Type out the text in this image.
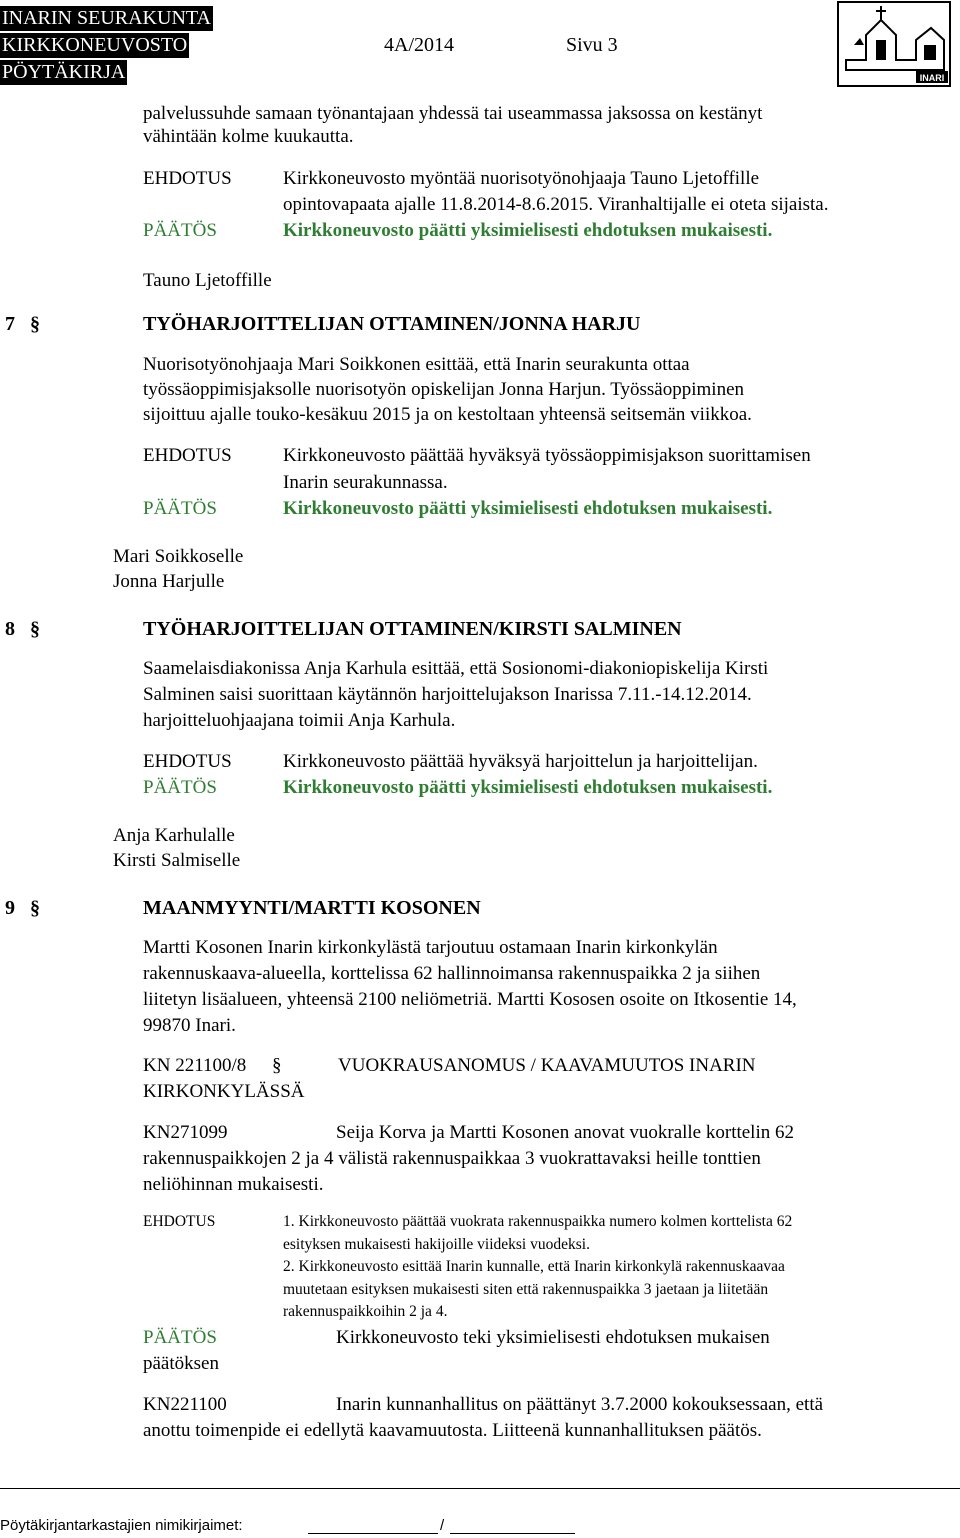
INARIN SEURAKUNTA
KIRKKONEUVOSTO	4A/2014	Sivu 3
PÖYTÄKIRJA	INARI
palvelussuhde samaan työnantajaan yhdessä tai useammassa jaksossa on kestänyt
vähintään kolme kuukautta.
EHDOTUS	Kirkkoneuvosto myöntää nuorisotyönohjaaja Tauno Ljetoffille
opintovapaata ajalle 11.8.2014-8.6.2015. Viranhaltijalle ei oteta sijaista.
PÄÄTÖS	Kirkkoneuvosto päätti yksimielisesti ehdotuksen mukaisesti.
Tauno Ljetoffille
7 §	TYÖHARJOITTELIJAN OTTAMINEN/JONNA HARJU
Nuorisotyönohjaaja Mari Soikkonen esittää, että Inarin seurakunta ottaa
työssäoppimisjaksolle nuorisotyön opiskelijan Jonna Harjun. Työssäoppiminen
sijoittuu ajalle touko-kesäkuu 2015 ja on kestoltaan yhteensä seitsemän viikkoa.
EHDOTUS	Kirkkoneuvosto päättää hyväksyä työssäoppimisjakson suorittamisen
Inarin seurakunnassa.
PÄÄTÖS	Kirkkoneuvosto päätti yksimielisesti ehdotuksen mukaisesti.
Mari Soikkoselle
Jonna Harjulle
8 §	TYÖHARJOITTELIJAN OTTAMINEN/KIRSTI SALMINEN
Saamelaisdiakonissa Anja Karhula esittää, että Sosionomi-diakoniopiskelija Kirsti
Salminen saisi suorittaan käytännön harjoittelujakson Inarissa 7.11.-14.12.2014.
harjoitteluohjaajana toimii Anja Karhula.
EHDOTUS	Kirkkoneuvosto päättää hyväksyä harjoittelun ja harjoittelijan.
PÄÄTÖS	Kirkkoneuvosto päätti yksimielisesti ehdotuksen mukaisesti.
Anja Karhulalle
Kirsti Salmiselle
9 §	MAANMYYNTI/MARTTI KOSONEN
Martti Kosonen Inarin kirkonkylästä tarjoutuu ostamaan Inarin kirkonkylän
rakennuskaava-alueella, korttelissa 62 hallinnoimansa rakennuspaikka 2 ja siihen
liitetyn lisäalueen, yhteensä 2100 neliömetriä. Martti Kososen osoite on Itkosentie 14,
99870 Inari.
KN 221100/8 §	VUOKRAUSANOMUS / KAAVAMUUTOS INARIN
KIRKONKYLÄSSÄ
KN271099	Seija Korva ja Martti Kosonen anovat vuokralle korttelin 62
rakennuspaikkojen 2 ja 4 välistä rakennuspaikkaa 3 vuokrattavaksi heille tonttien
neliöhinnan mukaisesti.
EHDOTUS	1. Kirkkoneuvosto päättää vuokrata rakennuspaikka numero kolmen korttelista 62
esityksen mukaisesti hakijoille viideksi vuodeksi.
2. Kirkkoneuvosto esittää Inarin kunnalle, että Inarin kirkonkylä rakennuskaavaa
muutetaan esityksen mukaisesti siten että rakennuspaikka 3 jaetaan ja liitetään
rakennuspaikkoihin 2 ja 4.
PÄÄTÖS	Kirkkoneuvosto teki yksimielisesti ehdotuksen mukaisen
päätöksen
KN221100	Inarin kunnanhallitus on päättänyt 3.7.2000 kokouksessaan, että
anottu toimenpide ei edellytä kaavamuutosta. Liitteenä kunnanhallituksen päätös.
Pöytäkirjantarkastajien nimikirjaimet:	/
